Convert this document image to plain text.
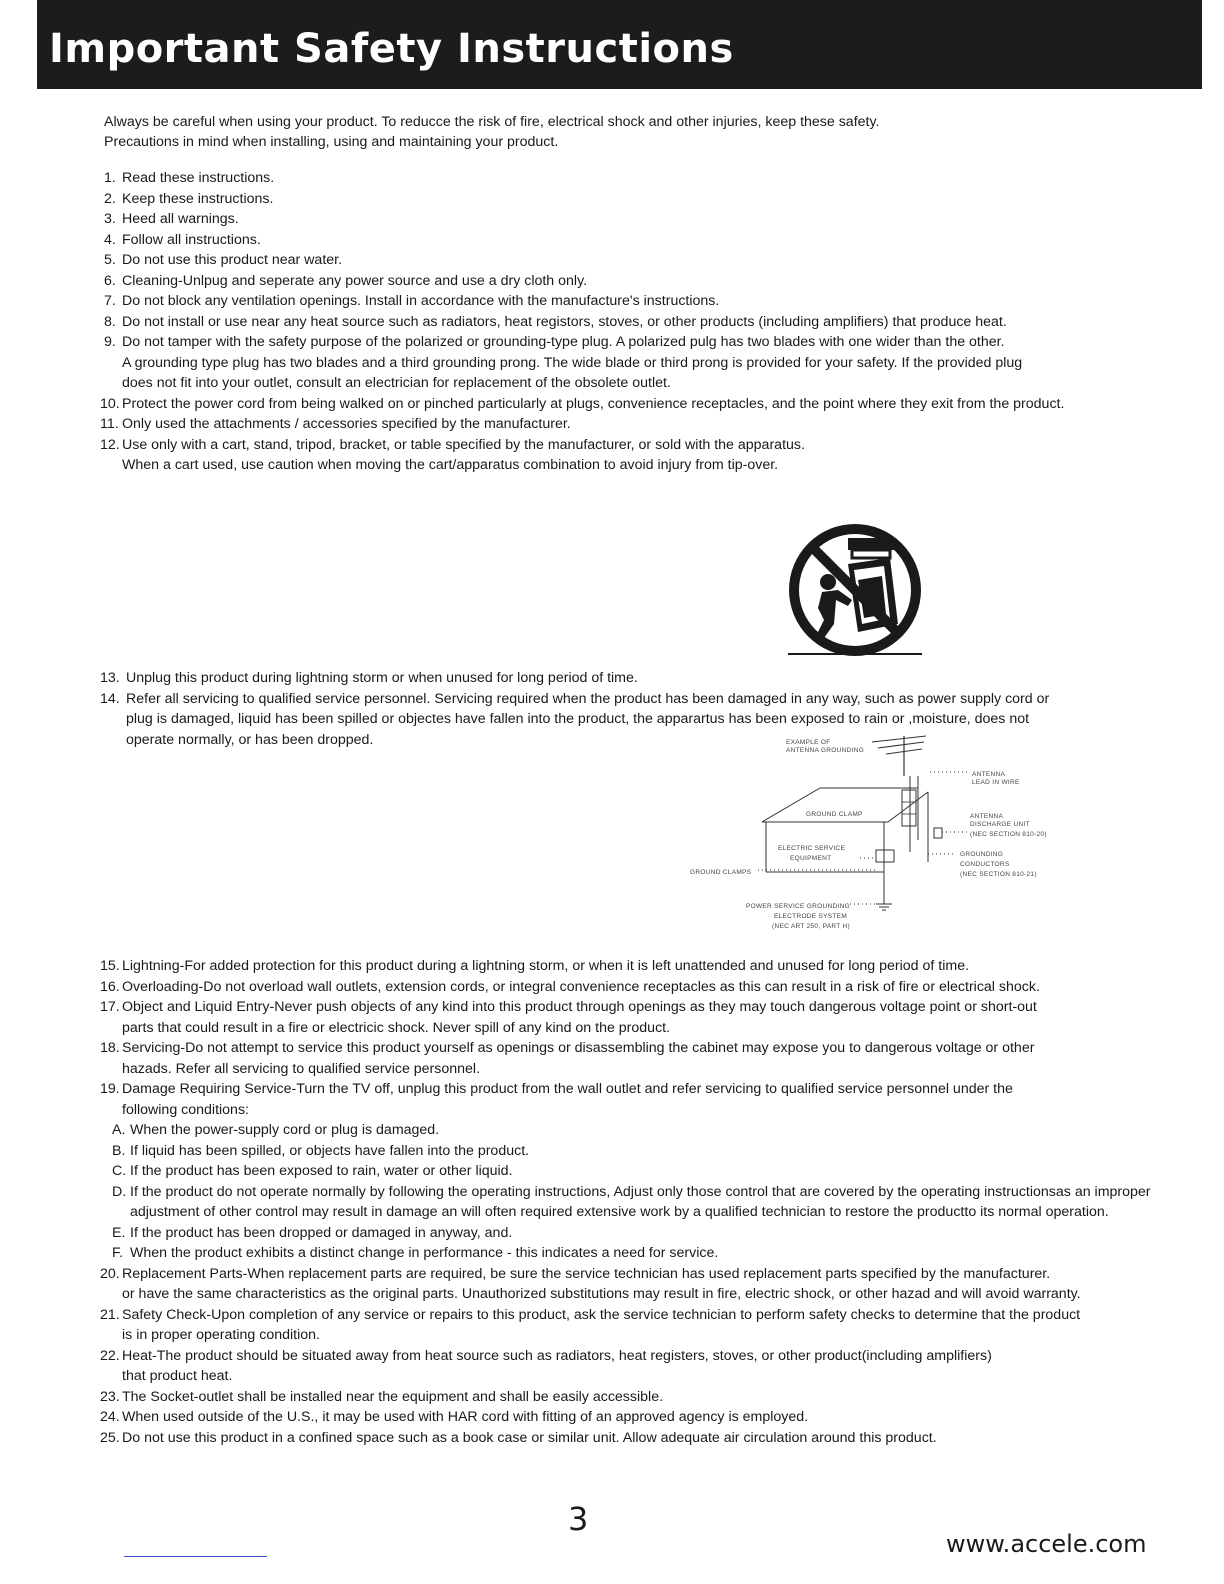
Important Safety Instructions
Always be careful when using your product. To reducce the risk of fire, electrical shock and other injuries, keep these safety.
Precautions in mind when installing, using and maintaining your product.
1. Read these instructions.
2. Keep these instructions.
3. Heed all warnings.
4. Follow all instructions.
5. Do not use this product near water.
6. Cleaning-Unlpug and seperate any power source and use a dry cloth only.
7. Do not block any ventilation openings. Install in accordance with the manufacture's instructions.
8. Do not install or use near any heat source such as radiators, heat registors, stoves, or other products (including amplifiers) that produce heat.
9. Do not tamper with the safety purpose of the polarized or grounding-type plug. A polarized pulg has two blades with one wider than the other.
A grounding type plug has two blades and a third grounding prong. The wide blade or third prong is provided for your safety. If the provided plug
does not fit into your outlet, consult an electrician for replacement of the obsolete outlet.
10. Protect the power cord from being walked on or pinched particularly at plugs, convenience receptacles, and the point where they exit from the product.
11. Only used the attachments / accessories specified by the manufacturer.
12. Use only with a cart, stand, tripod, bracket, or table specified by the manufacturer, or sold with the apparatus.
When a cart used, use caution when moving the cart/apparatus combination to avoid injury from tip-over.
13. Unplug this product during lightning storm or when unused for long period of time.
14. Refer all servicing to qualified service personnel. Servicing required when the product has been damaged in any way, such as power supply cord or
plug is damaged, liquid has been spilled or objectes have fallen into the product, the apparartus has been exposed to rain or ,moisture, does not
operate normally, or has been dropped.	EXAMPLE OF
ANTENNA GROUNDING
ANTENNA
LEAD IN WIRE
ANTENNA
DISCHARGE UNIT
(NEC SECTION 810-20)
GROUNDING
CONDUCTORS
(NEC SECTION 810-21)
GROUND CLAMP
ELECTRIC SERVICE
EQUIPMENT
GROUND CLAMPS
POWER SERVICE GROUNDING
ELECTRODE SYSTEM
(NEC ART 250, PART H)
15. Lightning-For added protection for this product during a lightning storm, or when it is left unattended and unused for long period of time.
16. Overloading-Do not overload wall outlets, extension cords, or integral convenience receptacles as this can result in a risk of fire or electrical shock.
17. Object and Liquid Entry-Never push objects of any kind into this product through openings as they may touch dangerous voltage point or short-out
parts that could result in a fire or electricic shock. Never spill of any kind on the product.
18. Servicing-Do not attempt to service this product yourself as openings or disassembling the cabinet may expose you to dangerous voltage or other
hazads. Refer all servicing to qualified service personnel.
19. Damage Requiring Service-Turn the TV off, unplug this product from the wall outlet and refer servicing to qualified service personnel under the
following conditions:
A. When the power-supply cord or plug is damaged.
B. If liquid has been spilled, or objects have fallen into the product.
C. If the product has been exposed to rain, water or other liquid.
D. If the product do not operate normally by following the operating instructions, Adjust only those control that are covered by the operating instructionsas an improper adjustment of other control may result in damage an will often required extensive work by a qualified technician to restore the productto its normal operation.
E. If the product has been dropped or damaged in anyway, and.
F. When the product exhibits a distinct change in performance - this indicates a need for service.
20. Replacement Parts-When replacement parts are required, be sure the service technician has used replacement parts specified by the manufacturer.
or have the same characteristics as the original parts. Unauthorized substitutions may result in fire, electric shock, or other hazad and will avoid warranty.
21. Safety Check-Upon completion of any service or repairs to this product, ask the service technician to perform safety checks to determine that the product
is in proper operating condition.
22. Heat-The product should be situated away from heat source such as radiators, heat registers, stoves, or other product(including amplifiers)
that product heat.
23. The Socket-outlet shall be installed near the equipment and shall be easily accessible.
24. When used outside of the U.S., it may be used with HAR cord with fitting of an approved agency is employed.
25. Do not use this product in a confined space such as a book case or similar unit. Allow adequate air circulation around this product.
3
www.accele.com
